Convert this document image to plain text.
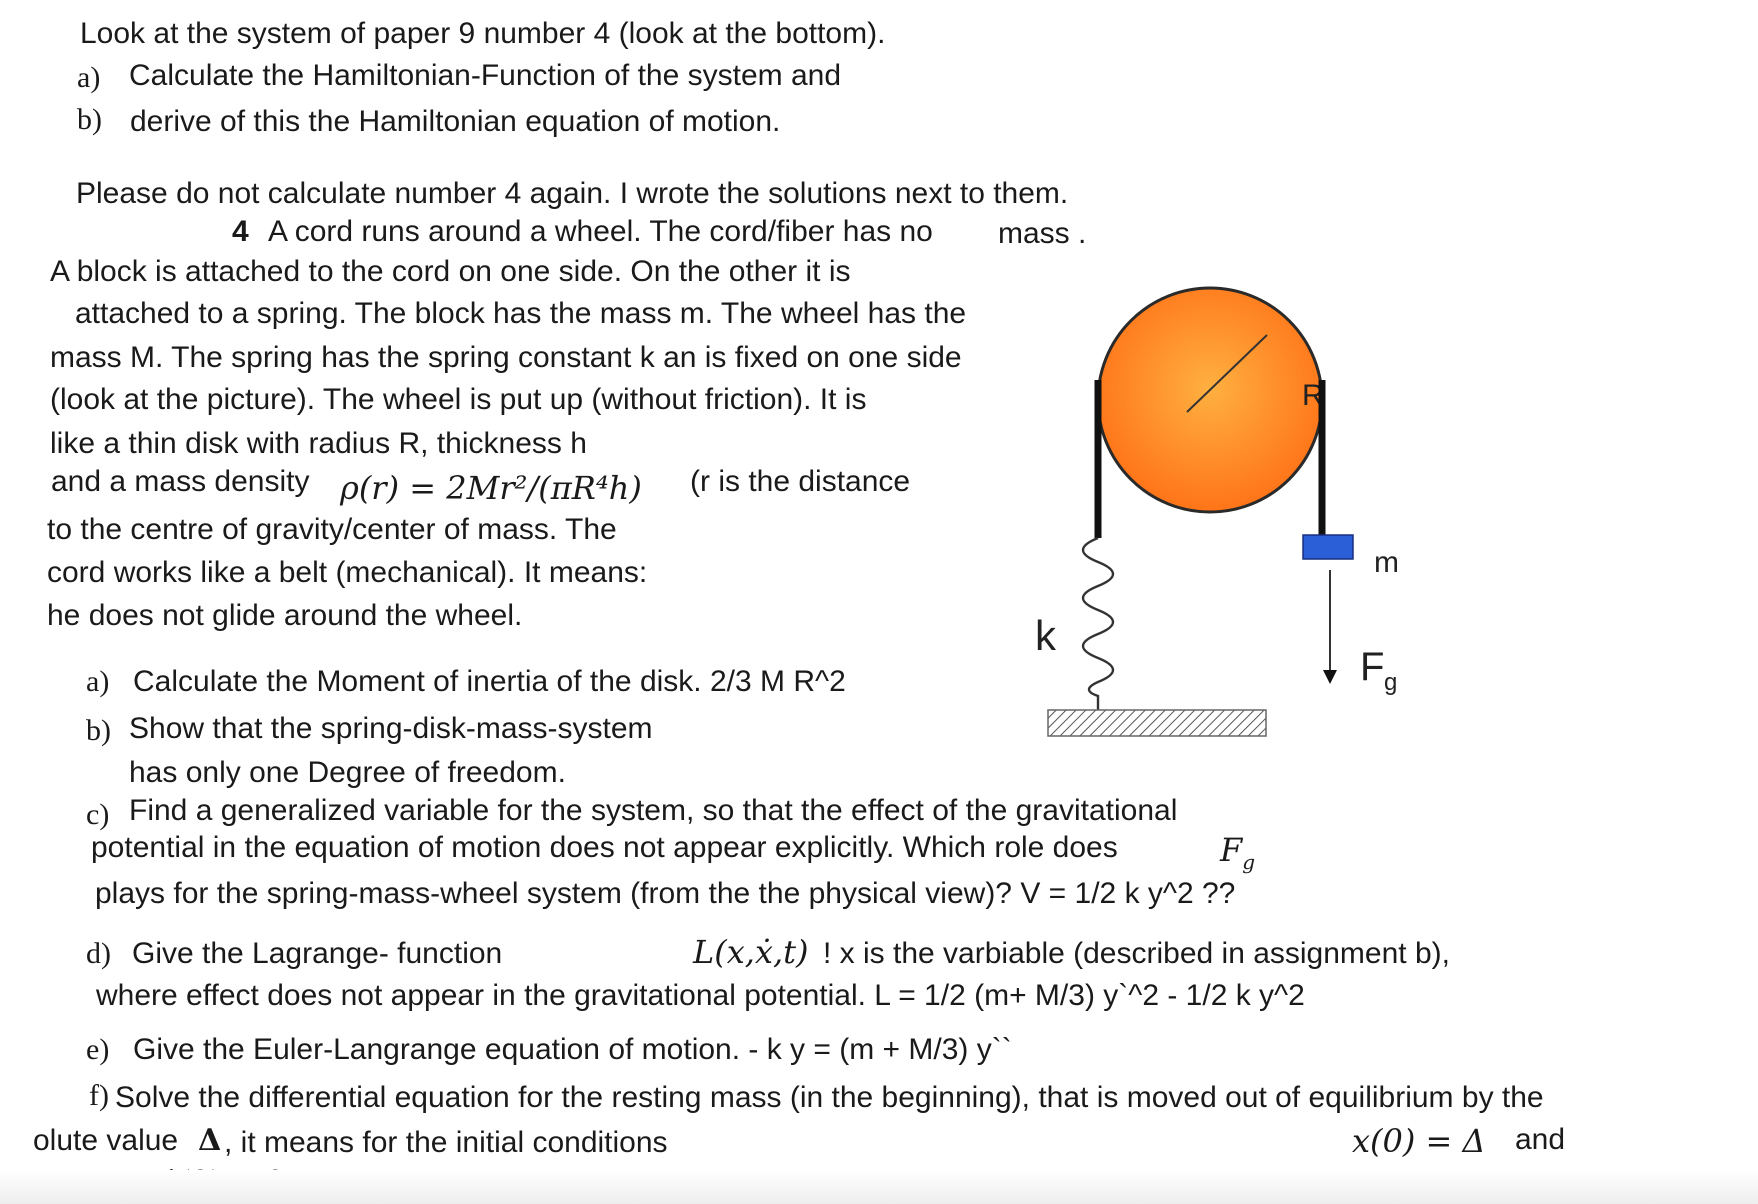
Look at the system of paper 9 number 4 (look at the bottom).
a) Calculate the Hamiltonian-Function of the system and
b) derive of this the Hamiltonian equation of motion.
Please do not calculate number 4 again. I wrote the solutions next to them.
4 A cord runs around a wheel. The cord/fiber has no mass .
A block is attached to the cord on one side. On the other it is
attached to a spring. The block has the mass m. The wheel has the
mass M. The spring has the spring constant k an is fixed on one side
(look at the picture). The wheel is put up (without friction). It is
like a thin disk with radius R, thickness h
and a mass density ρ(r) = 2Mr²/(πR⁴h) (r is the distance
to the centre of gravity/center of mass. The
cord works like a belt (mechanical). It means:
he does not glide around the wheel.
R
m
k
F g
a) Calculate the Moment of inertia of the disk. 2/3 M R^2
b) Show that the spring-disk-mass-system
has only one Degree of freedom.
c) Find a generalized variable for the system, so that the effect of the gravitational
potential in the equation of motion does not appear explicitly. Which role does	$F_g$
plays for the spring-mass-wheel system (from the the physical view)? V = 1/2 k y^2 ??
d) Give the Lagrange- function	L(x,ẋ,t) ! x is the varbiable (described in assignment b),
where effect does not appear in the gravitational potential. L = 1/2 (m+ M/3) y`^2 - 1/2 k y^2
e) Give the Euler-Langrange equation of motion. - k y = (m + M/3) y``
f) Solve the differential equation for the resting mass (in the beginning), that is moved out of equilibrium by the
olute value Δ , it means for the initial conditions	x(0) = Δ and
